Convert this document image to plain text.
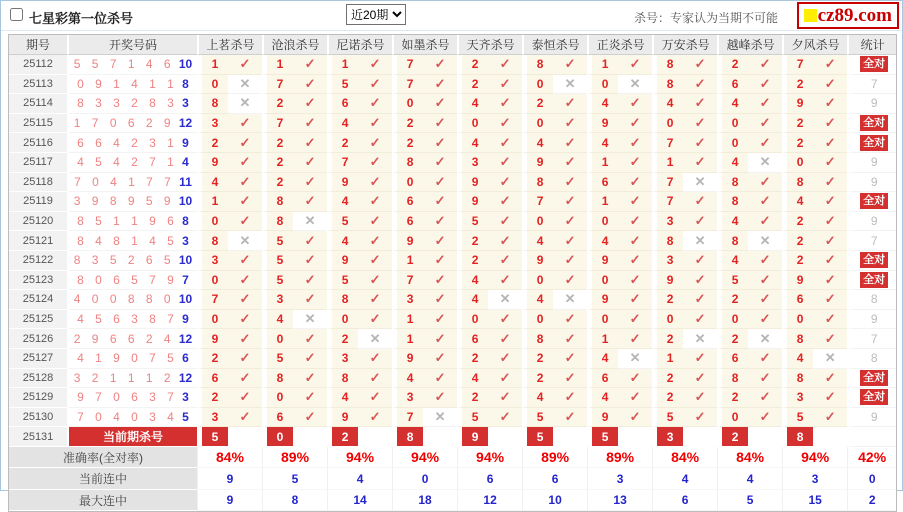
七星彩第一位杀号
近20期	杀号：专家认为当期不可能 cz89.com
期号	开奖号码	上茗杀号		沧浪杀号		尼诺杀号		如墨杀号		天齐杀号		泰恒杀号		正炎杀号		万安杀号		越峰杀号		夕风杀号		统计
25112	5 5 7 1 4 6 10	1	✓	1	✓	1	✓	7	✓	2	✓	8	✓	1	✓	8	✓	2	✓	7	✓	全对
25113	0 9 1 4 1 1 8	0	✕	7	✓	5	✓	7	✓	2	✓	0	✕	0	✕	8	✓	6	✓	2	✓	7
25114	8 3 3 2 8 3 3	8	✕	2	✓	6	✓	0	✓	4	✓	2	✓	4	✓	4	✓	4	✓	9	✓	9
25115	1 7 0 6 2 9 12	3	✓	7	✓	4	✓	2	✓	0	✓	0	✓	9	✓	0	✓	0	✓	2	✓	全对
25116	6 6 4 2 3 1 9	2	✓	2	✓	2	✓	2	✓	4	✓	4	✓	4	✓	7	✓	0	✓	2	✓	全对
25117	4 5 4 2 7 1 4	9	✓	2	✓	7	✓	8	✓	3	✓	9	✓	1	✓	1	✓	4	✕	0	✓	9
25118	7 0 4 1 7 7 11	4	✓	2	✓	9	✓	0	✓	9	✓	8	✓	6	✓	7	✕	8	✓	8	✓	9
25119	3 9 8 9 5 9 10	1	✓	8	✓	4	✓	6	✓	9	✓	7	✓	1	✓	7	✓	8	✓	4	✓	全对
25120	8 5 1 1 9 6 8	0	✓	8	✕	5	✓	6	✓	5	✓	0	✓	0	✓	3	✓	4	✓	2	✓	9
25121	8 4 8 1 4 5 3	8	✕	5	✓	4	✓	9	✓	2	✓	4	✓	4	✓	8	✕	8	✕	2	✓	7
25122	8 3 5 2 6 5 10	3	✓	5	✓	9	✓	1	✓	2	✓	9	✓	9	✓	3	✓	4	✓	2	✓	全对
25123	8 0 6 5 7 9 7	0	✓	5	✓	5	✓	7	✓	4	✓	0	✓	0	✓	9	✓	5	✓	9	✓	全对
25124	4 0 0 8 8 0 10	7	✓	3	✓	8	✓	3	✓	4	✕	4	✕	9	✓	2	✓	2	✓	6	✓	8
25125	4 5 6 3 8 7 9	0	✓	4	✕	0	✓	1	✓	0	✓	0	✓	0	✓	0	✓	0	✓	0	✓	9
25126	2 9 6 6 2 4 12	9	✓	0	✓	2	✕	1	✓	6	✓	8	✓	1	✓	2	✕	2	✕	8	✓	7
25127	4 1 9 0 7 5 6	2	✓	5	✓	3	✓	9	✓	2	✓	2	✓	4	✕	1	✓	6	✓	4	✕	8
25128	3 2 1 1 1 2 12	6	✓	8	✓	8	✓	4	✓	4	✓	2	✓	6	✓	2	✓	8	✓	8	✓	全对
25129	9 7 0 6 3 7 3	2	✓	0	✓	4	✓	3	✓	2	✓	4	✓	4	✓	2	✓	2	✓	3	✓	全对
25130	7 0 4 0 3 4 5	3	✓	6	✓	9	✓	7	✕	5	✓	5	✓	9	✓	5	✓	0	✓	5	✓	9
25131	当前期杀号	5		0		2		8		9		5		5		3		2		8		
准确率(全对率)		84%		89%		94%		94%		94%		89%		89%		84%		84%		94%		42%
当前连中		9		5		4		0		6		6		3		4		4		3		0
最大连中		9		8		14		18		12		10		13		6		5		15		2
